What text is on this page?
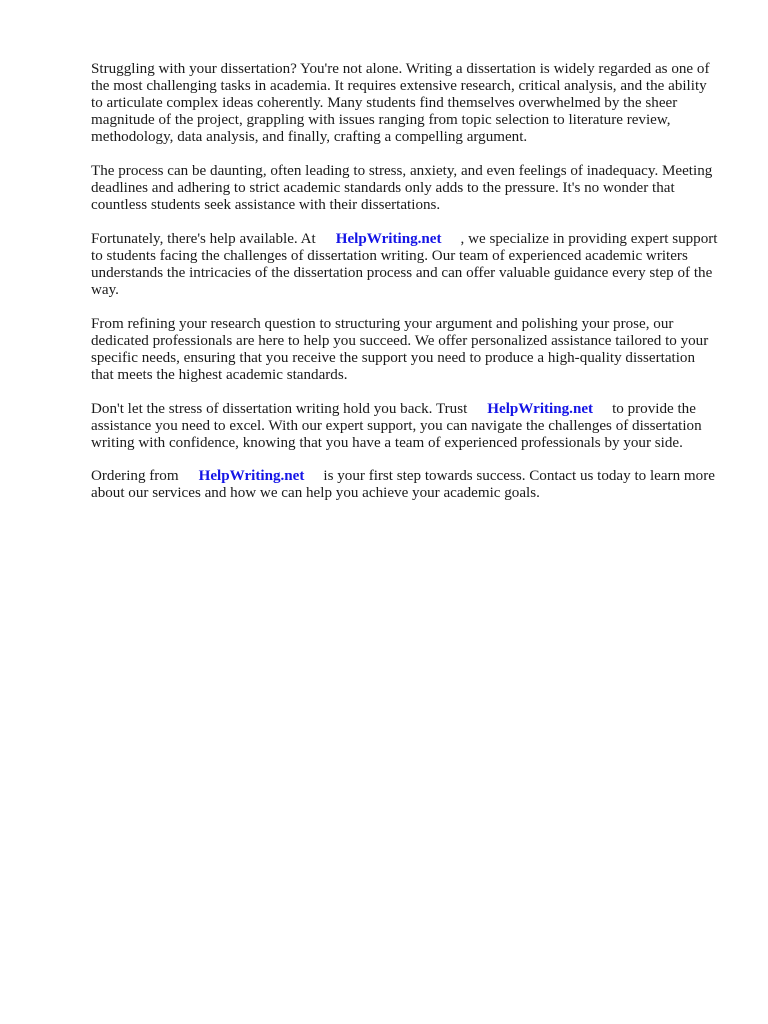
Struggling with your dissertation? You're not alone. Writing a dissertation is widely regarded as one of the most challenging tasks in academia. It requires extensive research, critical analysis, and the ability to articulate complex ideas coherently. Many students find themselves overwhelmed by the sheer magnitude of the project, grappling with issues ranging from topic selection to literature review, methodology, data analysis, and finally, crafting a compelling argument.

The process can be daunting, often leading to stress, anxiety, and even feelings of inadequacy. Meeting deadlines and adhering to strict academic standards only adds to the pressure. It's no wonder that countless students seek assistance with their dissertations.

Fortunately, there's help available. At HelpWriting.net , we specialize in providing expert support to students facing the challenges of dissertation writing. Our team of experienced academic writers understands the intricacies of the dissertation process and can offer valuable guidance every step of the way.

From refining your research question to structuring your argument and polishing your prose, our dedicated professionals are here to help you succeed. We offer personalized assistance tailored to your specific needs, ensuring that you receive the support you need to produce a high-quality dissertation that meets the highest academic standards.

Don't let the stress of dissertation writing hold you back. Trust HelpWriting.net to provide the assistance you need to excel. With our expert support, you can navigate the challenges of dissertation writing with confidence, knowing that you have a team of experienced professionals by your side.

Ordering from HelpWriting.net is your first step towards success. Contact us today to learn more about our services and how we can help you achieve your academic goals.
